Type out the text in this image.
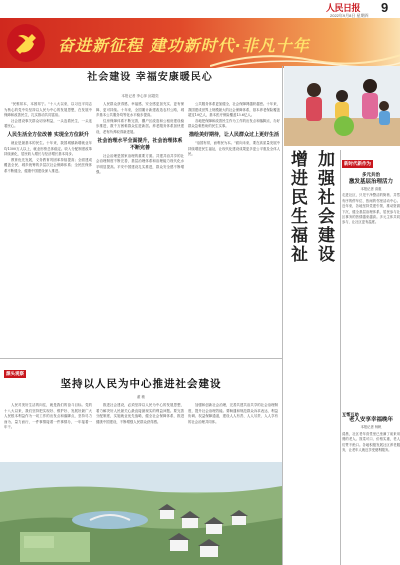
人民日报 9
2022年9月8日 星期四
奋进新征程 建功新时代·非凡十年
社会建设 幸福安康暖民心
本报记者 李心萍 邱超奕

"民惟邦本，本固邦宁。"十八大以来，以习近平同志为核心的党中央坚持以人民为中心的发展思想，在发展中保障和改善民生，扎实推动共同富裕。

社会建设事关群众切身利益，一头连着民生，一头连着民心。

人民生活全方位改善 实现全方位跃升

就业是最基本的民生。十年来，我国城镇新增就业年均1300万人以上，就业形势总体稳定。收入分配制度改革持续深化，居民收入增长与经济增长基本同步。

教育优先发展，义务教育巩固率持续提高；全面建成覆盖全民、城乡统筹的多层次社会保障体系；全民医保体系不断健全，健康中国建设深入推进。

人民群众获得感、幸福感、安全感更加充实、更有保障、更可持续。十年来，全国累计新建改造农村公路，城乡基本公共服务均等化水平稳步提高。

住房保障体系不断完善，棚户区改造和公租房建设稳步推进，数千万困难群众住进新居。养老服务体系加快建设，老有所养取得新进展。

社会治理水平全面提升，社会治理体系不断完善

社会治理是国家治理的重要方面。共建共治共享的社会治理制度不断完善，基层治理体系和治理能力现代化水平明显提高。平安中国建设扎实推进，群众安全感不断增强。

公共服务体系更加健全，社会保障网越织越密。十年来，我国建成世界上规模最大的社会保障体系，基本养老保险覆盖超过10亿人，基本医疗保险覆盖13.6亿人。

各地把保障和改善民生作为工作的出发点和落脚点，办好群众急难愁盼的民生实事。

描绘美好期待，让人民群众过上更好生活

"治国有常，而利民为本。"面向未来，要在高质量发展中持续增进民生福祉，让现代化建设成果更多更公平惠及全体人民。	增进民生福祉 加强社会建设	新时代新作为
多元共治
激发基层治理活力
本报记者 高惠
走进社区，只见干净整洁的街巷、井然有序的停车位、热闹的邻里活动中心。近年来，各地坚持党建引领，推动资源下沉，健全基层治理体系，居民参与社区事务的热情越来越高。多元主体共同参与，让社区更有温度。
互帮互助
老人安享幸福晚年
本报记者 杨帆
清晨，社区老年食堂里已坐满了前来用餐的老人。饭菜可口、价格实惠，老人们赞不绝口。各地积极发展社区养老服务，让老年人就近享受便利服务。
源头观察
坚持以人民为中心推进社会建设
翟 敏

人民对美好生活的向往，就是我们的奋斗目标。党的十八大以来，我们坚持把实现好、维护好、发展好最广大人民根本利益作为一切工作的出发点和落脚点，坚持尽力而为、量力而行，一件事情接着一件事情办，一年接着一年干。

推进社会建设，必须坚持以人民为中心的发展思想，着力解决好人民最关心最直接最现实的利益问题。要完善分配制度，实施就业优先战略，健全社会保障体系，推进健康中国建设，不断增强人民群众获得感。

加强和创新社会治理，完善共建共治共享的社会治理制度，提升社会治理效能。要畅通和规范群众诉求表达、利益协调、权益保障通道，建设人人有责、人人尽责、人人享有的社会治理共同体。
